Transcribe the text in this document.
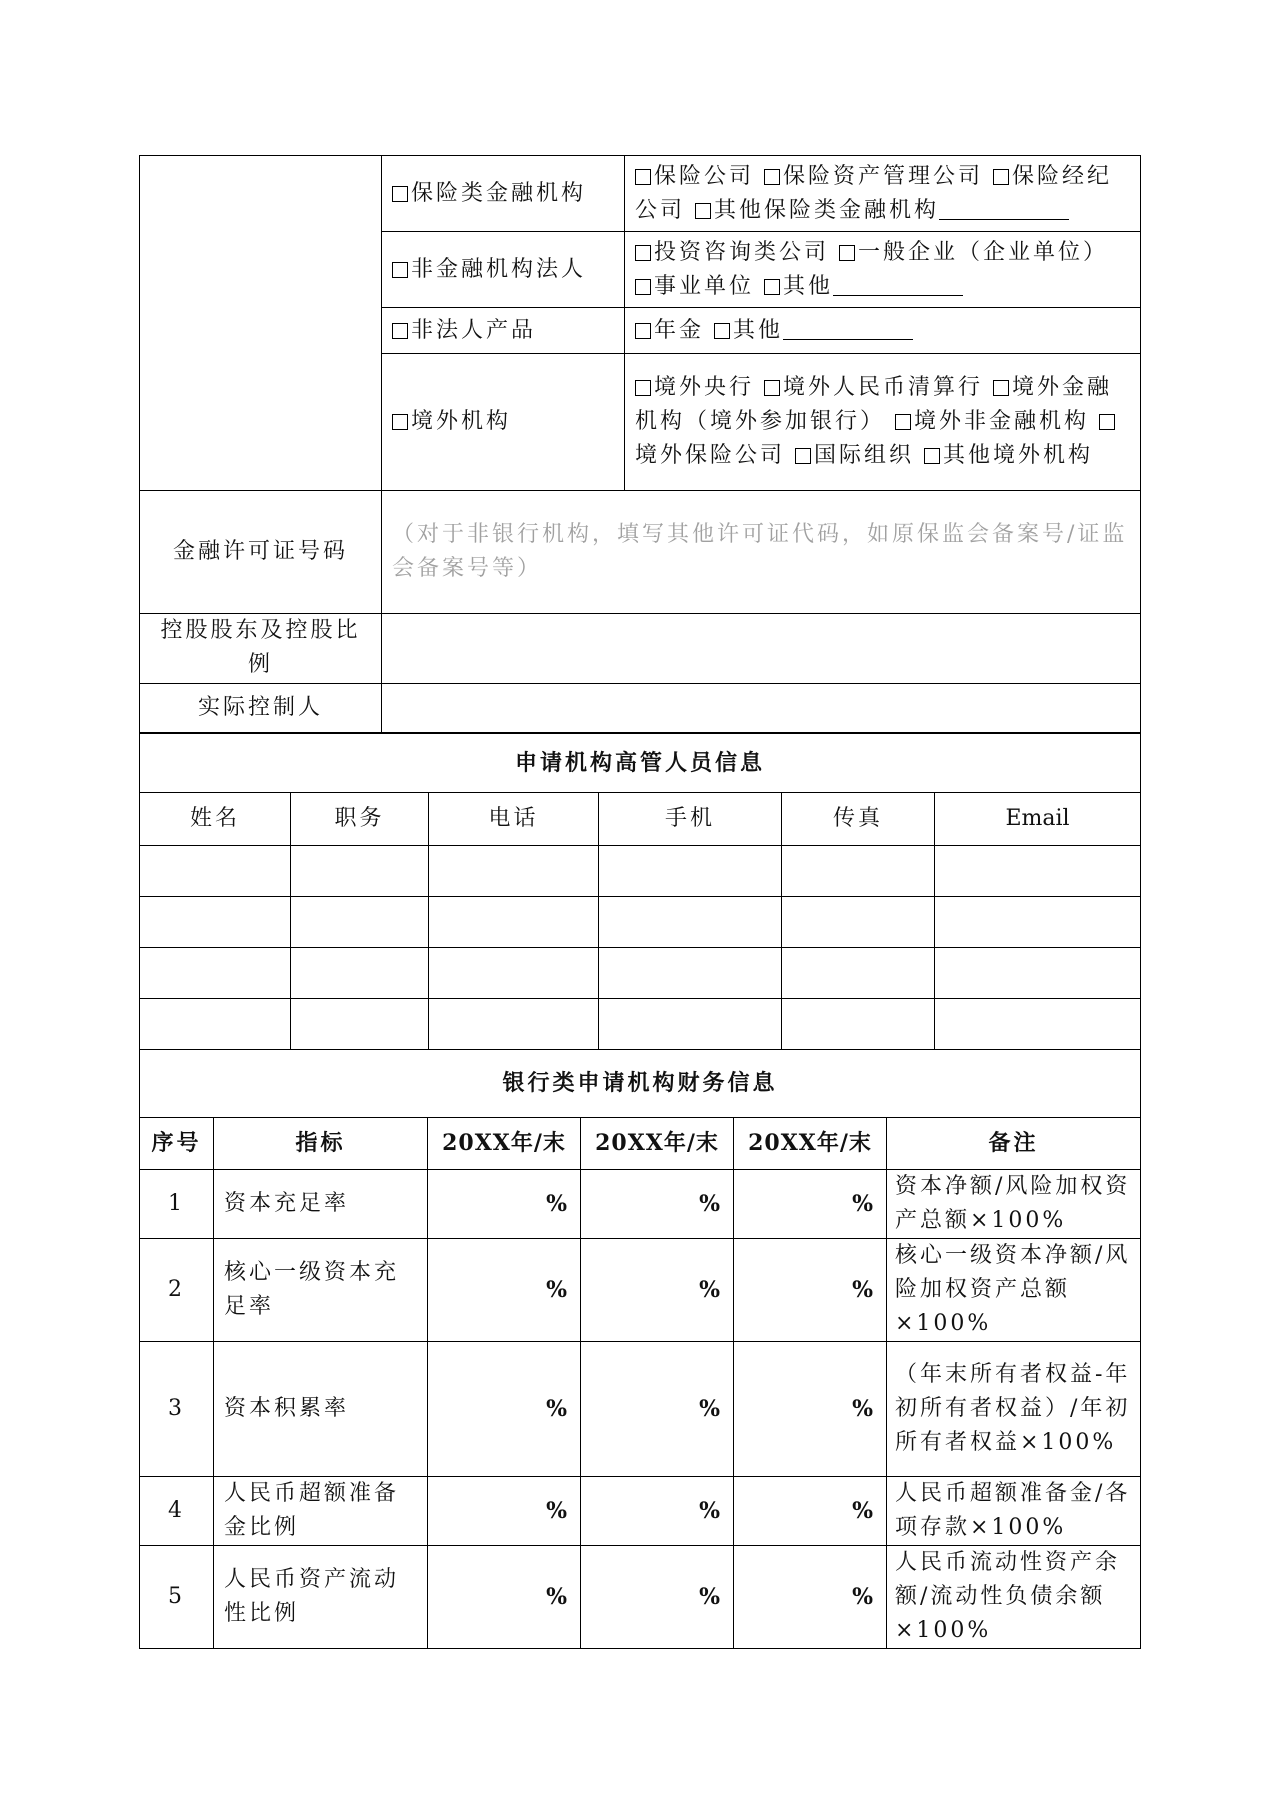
	保险类金融机构	保险公司 保险资产管理公司 保险经纪公司 其他保险类金融机构
	非金融机构法人	投资咨询类公司 一般企业（企业单位） 事业单位 其他
	非法人产品	年金 其他
	境外机构	境外央行 境外人民币清算行 境外金融机构（境外参加银行） 境外非金融机构 境外保险公司 国际组织 其他境外机构
金融许可证号码	（对于非银行机构，填写其他许可证代码，如原保监会备案号/证监会备案号等）
控股股东及控股比例	
实际控制人	
申请机构高管人员信息					
姓名	职务	电话	手机	传真	Email

银行类申请机构财务信息					
序号	指标	20XX年/末	20XX年/末	20XX年/末	备注
1	资本充足率	%	%	%	资本净额/风险加权资产总额×100%
2	核心一级资本充足率	%	%	%	核心一级资本净额/风险加权资产总额×100%
3	资本积累率	%	%	%	（年末所有者权益-年初所有者权益）/年初所有者权益×100%
4	人民币超额准备金比例	%	%	%	人民币超额准备金/各项存款×100%
5	人民币资产流动性比例	%	%	%	人民币流动性资产余额/流动性负债余额×100%
